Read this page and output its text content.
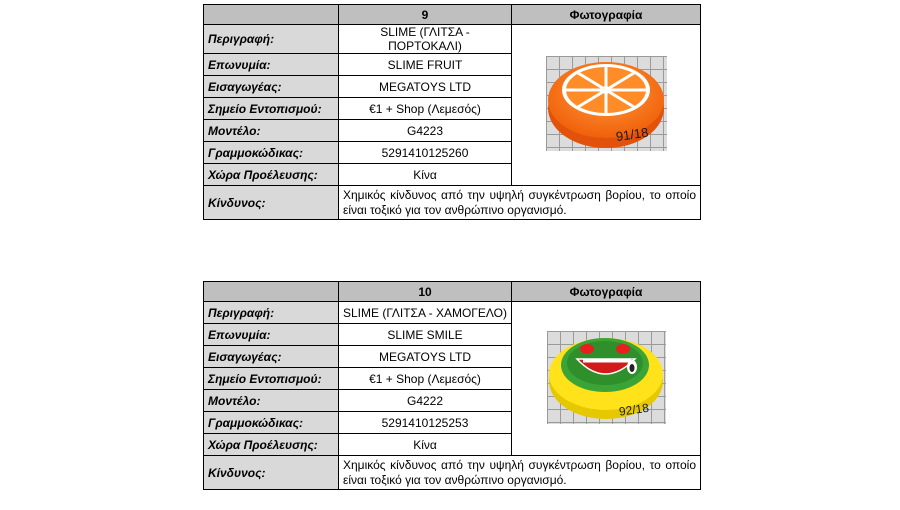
	9	Φωτογραφία
Περιγραφή:	SLIME (ΓΛΙΤΣΑ - ΠΟΡΤΟΚΑΛΙ)	91/18

Επωνυμία:	SLIME FRUIT	
Εισαγωγέας:	MEGATOYS LTD	
Σημείο Εντοπισμού:	€1 + Shop (Λεμεσός)	
Μοντέλο:	G4223	
Γραμμοκώδικας:	5291410125260	
Χώρα Προέλευσης:	Κίνα	
Κίνδυνος:	Χημικός κίνδυνος από την υψηλή συγκέντρωση βορίου, το οποίο είναι τοξικό για τον ανθρώπινο οργανισμό.	
	10	Φωτογραφία
Περιγραφή:	SLIME (ΓΛΙΤΣΑ - ΧΑΜΟΓΕΛΟ)	92/18

Επωνυμία:	SLIME SMILE	
Εισαγωγέας:	MEGATOYS LTD	
Σημείο Εντοπισμού:	€1 + Shop (Λεμεσός)	
Μοντέλο:	G4222	
Γραμμοκώδικας:	5291410125253	
Χώρα Προέλευσης:	Κίνα	
Κίνδυνος:	Χημικός κίνδυνος από την υψηλή συγκέντρωση βορίου, το οποίο είναι τοξικό για τον ανθρώπινο οργανισμό.	
